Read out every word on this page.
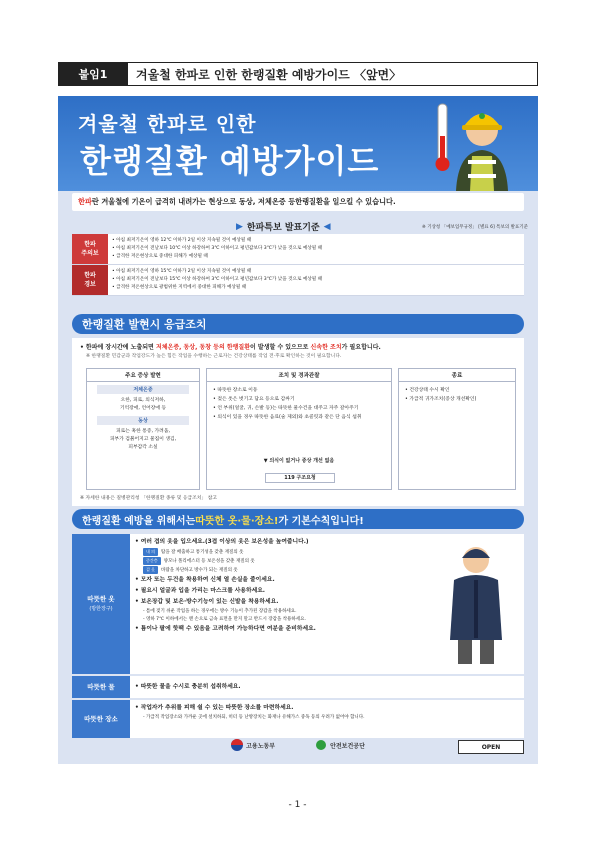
붙임1	겨울철 한파로 인한 한랭질환 예방가이드 〈앞면〉
겨울철 한파로 인한
한랭질환 예방가이드
한파 란 겨울철에 기온이 급격히 내려가는 현상으로 동상, 저체온증 등 한랭질환 을 일으킬 수 있습니다.
▶ 한파특보 발표기준 ◀	※ 기상청 「예보업무규정」 [별표 6] 특보의 발표기준
한파
주의보
• 아침 최저기온이 영하 12℃ 이하가 2일 이상 지속될 것이 예상될 때
• 아침 최저기온이 전날보다 10℃ 이상 하강하여 3℃ 이하이고 평년값보다 3℃가 낮을 것으로 예상될 때
• 급격한 저온현상으로 중대한 피해가 예상될 때
한파
경보
• 아침 최저기온이 영하 15℃ 이하가 2일 이상 지속될 것이 예상될 때
• 아침 최저기온이 전날보다 15℃ 이상 하강하여 3℃ 이하이고 평년값보다 3℃가 낮을 것으로 예상될 때
• 급격한 저온현상으로 광범위한 지역에서 중대한 피해가 예상될 때
한랭질환 발현시 응급조치
• 한파에 장시간에 노출되면 저체온증, 동상, 동창 등의 한랭질환이 발생할 수 있으므로 신속한 조치가 필요합니다.
※ 한랭질환 민감군과 작업강도가 높은 힘든 작업을 수행하는 근로자는 건강상태를 작업 전·후로 확인하는 것이 필요합니다.
주요 증상 발현
저체온증
오한, 피로, 의식저하,
기억장애, 언어장애 등
동상
피로는 혹한 통증, 가려움,
피부가 검붉어지고 물집이 생김,
피부감각 소실
조치 및 경과관찰
• 따뜻한 장소로 이동
• 젖은 옷은 벗기고 담요 등으로 감싸기
• 언 부위(얼굴, 귀, 손발 등)는 따뜻한 물수건을 대주고 자주 갈아주기
• 의식이 있을 경우 따뜻한 음료(술 제외)와 초콜릿과 같은 단 음식 섭취
▼ 의식이 없거나 증상 개선 없음
119 구조요청
종료
• 건강상태 수시 확인
• 가급적 귀가조치(증상 개선확인)
※ 자세한 내용은 질병관리청 「한랭질환 종류 및 응급조치」 참고
한랭질환 예방을 위해서는 따뜻한 옷·물·장소! 가 기본수칙입니다!
따뜻한 옷
(방한장구)
• 여러 겹의 옷을 입으세요.(3겹 이상의 옷은 보온성을 높여줍니다.)
내 의 땀을 잘 배출하고 통기성을 갖춘 재질의 옷
중간층 양모나 폴리에스터 등 보온성을 갖춘 재질의 옷
겉 옷 바람을 차단하고 방수가 되는 재질의 옷
• 모자 또는 두건을 착용하여 신체 열 손실을 줄이세요.
• 필요시 얼굴과 입을 가리는 마스크를 사용하세요.
• 보온장갑 및 보온·방수기능이 있는 신발을 착용하세요.
- 틈에 젖기 쉬운 작업을 하는 경우에는 방수 기능이 추가된 장갑을 착용하세요.
- 영하 7℃ 이하에서는 맨 손으로 금속 표면을 만지 말고 반드시 장갑을 착용하세요.
• 틈이나 팔에 핫팩 수 있음을 고려하여 가능하다면 여분을 준비하세요.
따뜻한 물	• 따뜻한 물을 수시로 충분히 섭취하세요.
따뜻한 장소
• 작업자가 추위를 피해 쉴 수 있는 따뜻한 장소를 마련하세요.
- 가급적 작업장소와 가까운 곳에 설치하되, 히터 등 난방장치는 화재나 유해가스 중독 등의 우려가 없어야 합니다.
고용노동부	안전보건공단	OPEN
- 1 -
